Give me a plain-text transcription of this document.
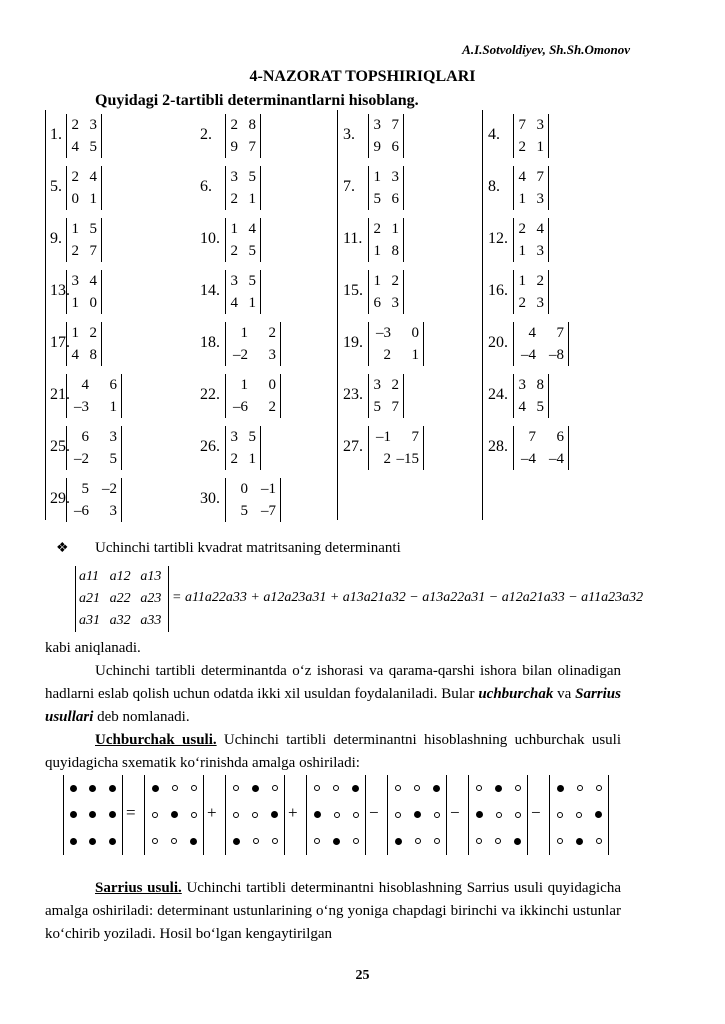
A.I.Sotvoldiyev, Sh.Sh.Omonov
4-NAZORAT TOPSHIRIQLARI
Quyidagi 2-tartibli determinantlarni hisoblang.
1.
2 3
4 5
2.
2 8
9 7
3.
3 7
9 6
4.
7 3
2 1
5.
2 4
0 1
6.
3 5
2 1
7.
1 3
5 6
8.
4 7
1 3
9.
1 5
2 7
10.
1 4
2 5
11.
2 1
1 8
12.
2 4
1 3
13.
3 4
1 0
14.
3 5
4 1
15.
1 2
6 3
16.
1 2
2 3
17.
1 2
4 8
18.
1	2
–2	3
19.
–3	0
2	1
20.
4	7
–4 –8
21.
4	6
–3	1
22.
1	0
–6	2
23.
3 2
5 7
24.
3 8
4 5
25.
6	3
–2	5
26.
3 5
2 1
27.
–1	7
2 –15
28.
7	6
–4 –4
29.
5 –2
–6	3
30.
0 –1
5 –7
❖ Uchinchi tartibli kvadrat matritsaning determinanti
a11 a12 a13
a21 a22 a23
a31 a32 a33
= a11a22a33 + a12a23a31 + a13a21a32 − a13a22a31 − a12a21a33 − a11a23a32
kabi aniqlanadi.
Uchinchi tartibli determinantda o‘z ishorasi va qarama-qarshi ishora bilan olinadigan hadlarni eslab qolish uchun odatda ikki xil usuldan foydalaniladi. Bular uchburchak va Sarrius usullari deb nomlanadi.
Uchburchak usuli. Uchinchi tartibli determinantni hisoblashning uchburchak usuli quyidagicha sxematik ko‘rinishda amalga oshiriladi:
=	+	+	−	−	−
Sarrius usuli. Uchinchi tartibli determinantni hisoblashning Sarrius usuli quyidagicha amalga oshiriladi: determinant ustunlarining o‘ng yoniga chapdagi birinchi va ikkinchi ustunlar ko‘chirib yoziladi. Hosil bo‘lgan kengaytirilgan
25
